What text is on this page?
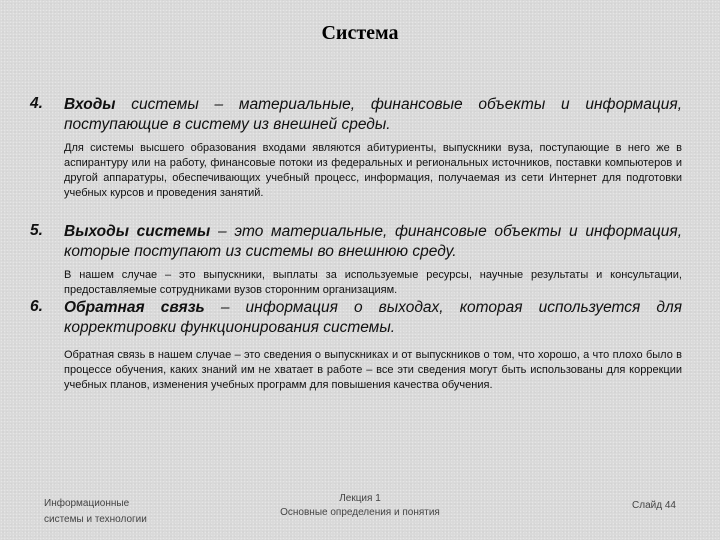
Система
4. Входы системы – материальные, финансовые объекты и информация, поступающие в систему из внешней среды.
Для системы высшего образования входами являются абитуриенты, выпускники вуза, поступающие в него же в аспирантуру или на работу, финансовые потоки из федеральных и региональных источников, поставки компьютеров и другой аппаратуры, обеспечивающих учебный процесс, информация, получаемая из сети Интернет для подготовки учебных курсов и проведения занятий.
5. Выходы системы – это материальные, финансовые объекты и информация, которые поступают из системы во внешнюю среду.
В нашем случае – это выпускники, выплаты за используемые ресурсы, научные результаты и консультации, предоставляемые сотрудниками вузов сторонним организациям.
6. Обратная связь – информация о выходах, которая используется для корректировки функционирования системы.
Обратная связь в нашем случае – это сведения о выпускниках и от выпускников о том, что хорошо, а что плохо было в процессе обучения, каких знаний им не хватает в работе – все эти сведения могут быть использованы для коррекции учебных планов, изменения учебных программ для повышения качества обучения.
Информационные
системы и технологии
Лекция 1
Основные определения и понятия
Слайд 44
